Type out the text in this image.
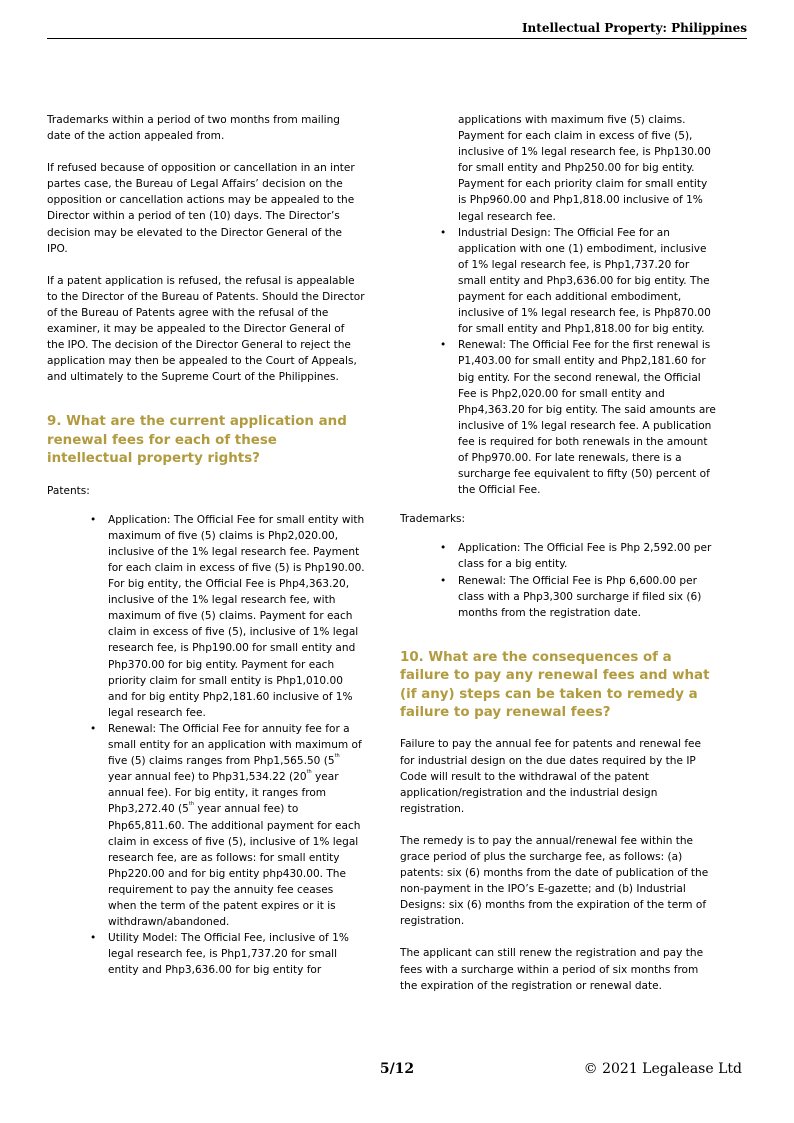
Intellectual Property: Philippines

Trademarks within a period of two months from mailing date of the action appealed from.

If refused because of opposition or cancellation in an inter partes case, the Bureau of Legal Affairs’ decision on the opposition or cancellation actions may be appealed to the Director within a period of ten (10) days. The Director’s decision may be elevated to the Director General of the IPO.

If a patent application is refused, the refusal is appealable to the Director of the Bureau of Patents. Should the Director of the Bureau of Patents agree with the refusal of the examiner, it may be appealed to the Director General of the IPO. The decision of the Director General to reject the application may then be appealed to the Court of Appeals, and ultimately to the Supreme Court of the Philippines.

9. What are the current application and renewal fees for each of these intellectual property rights?

Patents:

• Application: The Official Fee for small entity with maximum of five (5) claims is Php2,020.00, inclusive of the 1% legal research fee. Payment for each claim in excess of five (5) is Php190.00. For big entity, the Official Fee is Php4,363.20, inclusive of the 1% legal research fee, with maximum of five (5) claims. Payment for each claim in excess of five (5), inclusive of 1% legal research fee, is Php190.00 for small entity and Php370.00 for big entity. Payment for each priority claim for small entity is Php1,010.00 and for big entity Php2,181.60 inclusive of 1% legal research fee.
• Renewal: The Official Fee for annuity fee for a small entity for an application with maximum of five (5) claims ranges from Php1,565.50 (5th year annual fee) to Php31,534.22 (20th year annual fee). For big entity, it ranges from Php3,272.40 (5th year annual fee) to Php65,811.60. The additional payment for each claim in excess of five (5), inclusive of 1% legal research fee, are as follows: for small entity Php220.00 and for big entity php430.00. The requirement to pay the annuity fee ceases when the term of the patent expires or it is withdrawn/abandoned.
• Utility Model: The Official Fee, inclusive of 1% legal research fee, is Php1,737.20 for small entity and Php3,636.00 for big entity for
applications with maximum five (5) claims. Payment for each claim in excess of five (5), inclusive of 1% legal research fee, is Php130.00 for small entity and Php250.00 for big entity. Payment for each priority claim for small entity is Php960.00 and Php1,818.00 inclusive of 1% legal research fee.
• Industrial Design: The Official Fee for an application with one (1) embodiment, inclusive of 1% legal research fee, is Php1,737.20 for small entity and Php3,636.00 for big entity. The payment for each additional embodiment, inclusive of 1% legal research fee, is Php870.00 for small entity and Php1,818.00 for big entity.
• Renewal: The Official Fee for the first renewal is P1,403.00 for small entity and Php2,181.60 for big entity. For the second renewal, the Official Fee is Php2,020.00 for small entity and Php4,363.20 for big entity. The said amounts are inclusive of 1% legal research fee. A publication fee is required for both renewals in the amount of Php970.00. For late renewals, there is a surcharge fee equivalent to fifty (50) percent of the Official Fee.

Trademarks:

• Application: The Official Fee is Php 2,592.00 per class for a big entity.
• Renewal: The Official Fee is Php 6,600.00 per class with a Php3,300 surcharge if filed six (6) months from the registration date.
10. What are the consequences of a failure to pay any renewal fees and what (if any) steps can be taken to remedy a failure to pay renewal fees?

Failure to pay the annual fee for patents and renewal fee for industrial design on the due dates required by the IP Code will result to the withdrawal of the patent application/registration and the industrial design registration.

The remedy is to pay the annual/renewal fee within the grace period of plus the surcharge fee, as follows: (a) patents: six (6) months from the date of publication of the non-payment in the IPO’s E-gazette; and (b) Industrial Designs: six (6) months from the expiration of the term of registration.

The applicant can still renew the registration and pay the fees with a surcharge within a period of six months from the expiration of the registration or renewal date.

5/12	© 2021 Legalease Ltd
